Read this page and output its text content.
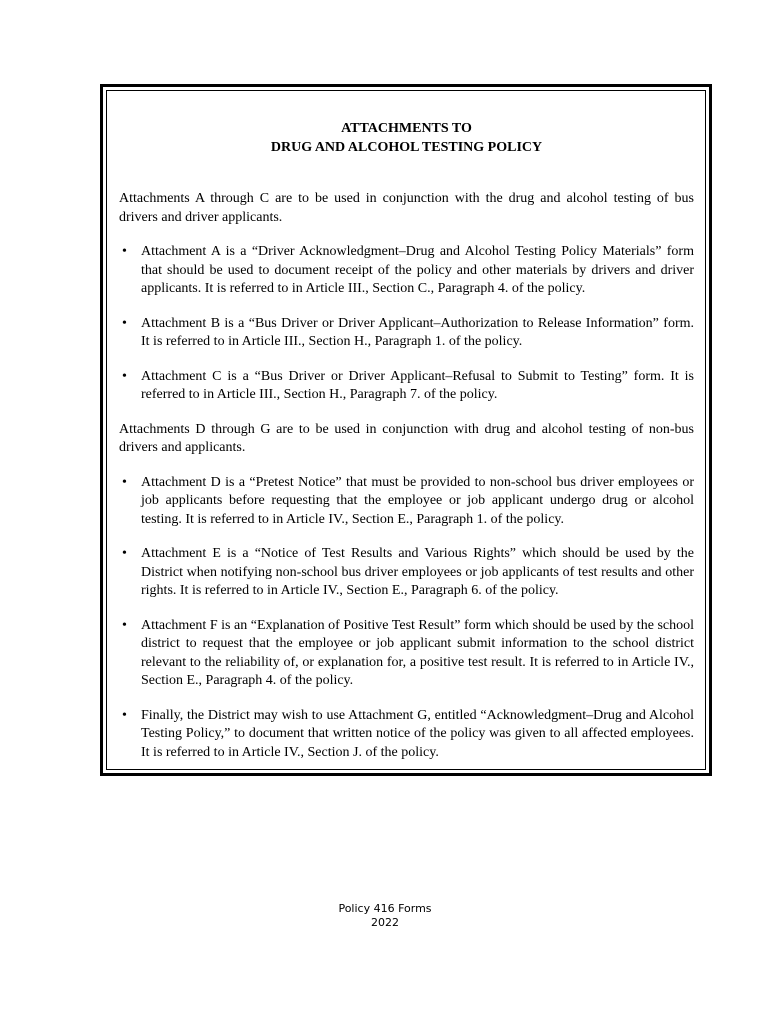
ATTACHMENTS TO
DRUG AND ALCOHOL TESTING POLICY

Attachments A through C are to be used in conjunction with the drug and alcohol testing of bus drivers and driver applicants.

• Attachment A is a “Driver Acknowledgment–Drug and Alcohol Testing Policy Materials” form that should be used to document receipt of the policy and other materials by drivers and driver applicants. It is referred to in Article III., Section C., Paragraph 4. of the policy.
• Attachment B is a “Bus Driver or Driver Applicant–Authorization to Release Information” form. It is referred to in Article III., Section H., Paragraph 1. of the policy.
• Attachment C is a “Bus Driver or Driver Applicant–Refusal to Submit to Testing” form. It is referred to in Article III., Section H., Paragraph 7. of the policy.

Attachments D through G are to be used in conjunction with drug and alcohol testing of non-bus drivers and applicants.

• Attachment D is a “Pretest Notice” that must be provided to non-school bus driver employees or job applicants before requesting that the employee or job applicant undergo drug or alcohol testing. It is referred to in Article IV., Section E., Paragraph 1. of the policy.
• Attachment E is a “Notice of Test Results and Various Rights” which should be used by the District when notifying non-school bus driver employees or job applicants of test results and other rights. It is referred to in Article IV., Section E., Paragraph 6. of the policy.
• Attachment F is an “Explanation of Positive Test Result” form which should be used by the school district to request that the employee or job applicant submit information to the school district relevant to the reliability of, or explanation for, a positive test result. It is referred to in Article IV., Section E., Paragraph 4. of the policy.
• Finally, the District may wish to use Attachment G, entitled “Acknowledgment–Drug and Alcohol Testing Policy,” to document that written notice of the policy was given to all affected employees. It is referred to in Article IV., Section J. of the policy.
Policy 416 Forms
2022
